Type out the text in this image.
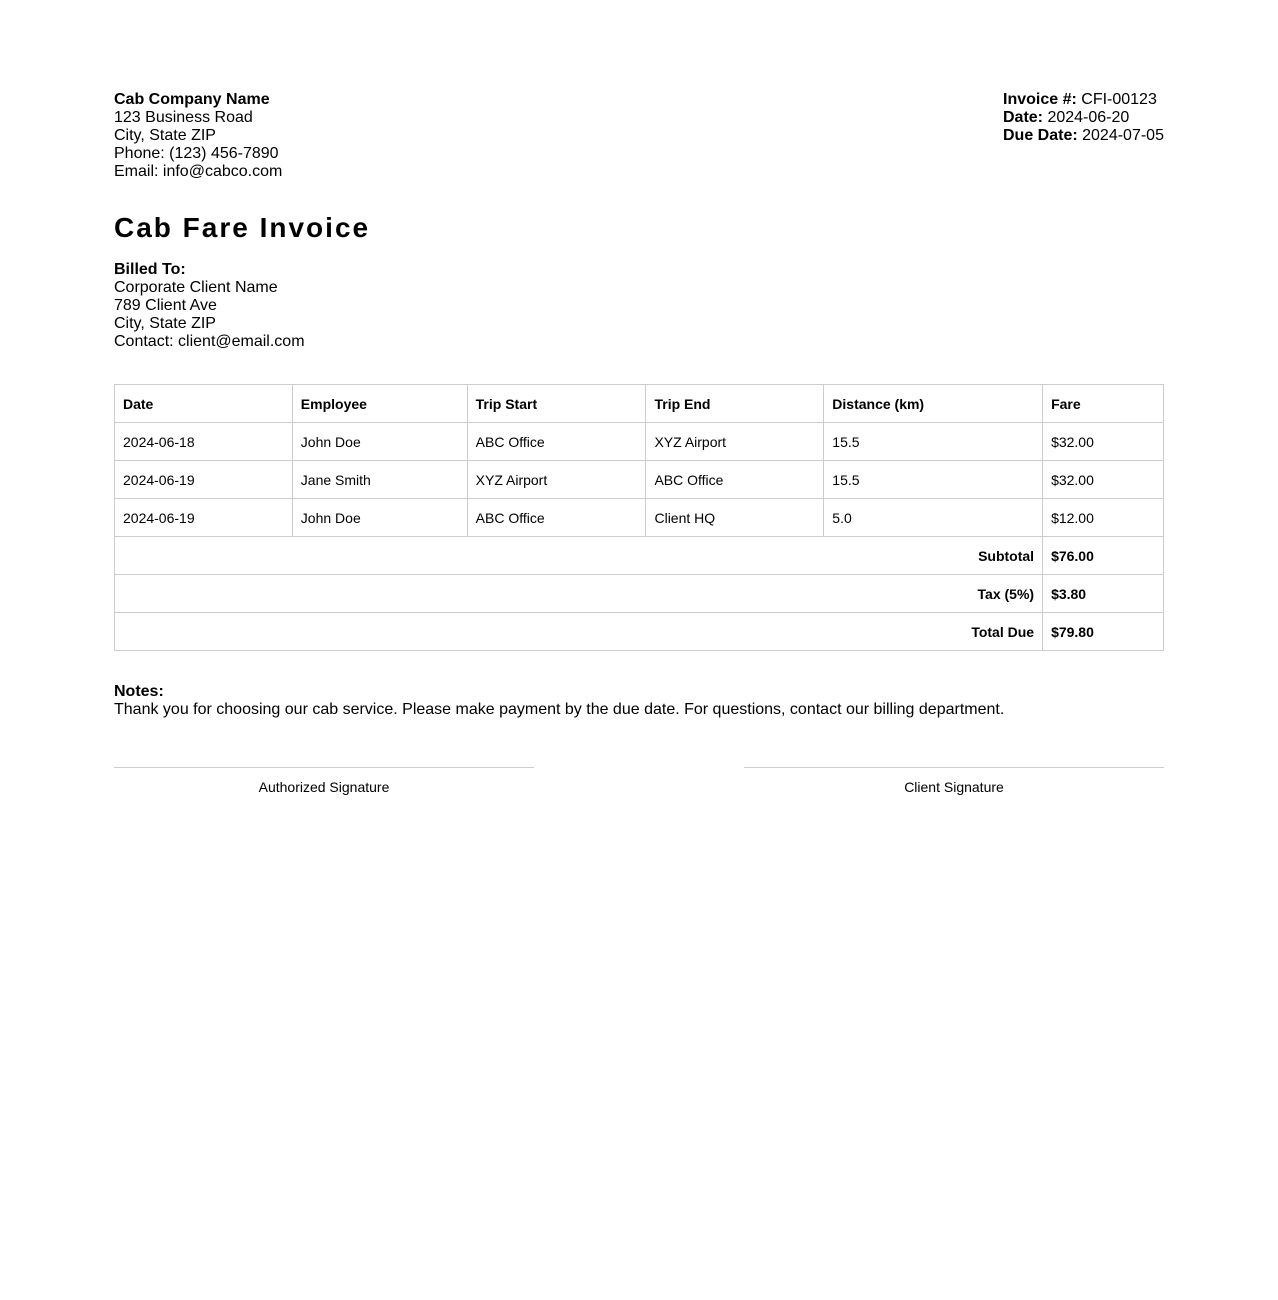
Cab Company Name
123 Business Road
City, State ZIP
Phone: (123) 456-7890
Email: info@cabco.com
Invoice #: CFI-00123
Date: 2024-06-20
Due Date: 2024-07-05
Cab Fare Invoice
Billed To:
Corporate Client Name
789 Client Ave
City, State ZIP
Contact: client@email.com
Date	Employee	Trip Start	Trip End	Distance (km)	Fare
2024-06-18	John Doe	ABC Office	XYZ Airport	15.5	$32.00
2024-06-19	Jane Smith	XYZ Airport	ABC Office	15.5	$32.00
2024-06-19	John Doe	ABC Office	Client HQ	5.0	$12.00
Subtotal					$76.00
Tax (5%)					$3.80
Total Due					$79.80
Notes:
Thank you for choosing our cab service. Please make payment by the due date. For questions, contact our billing department.
Authorized Signature	Client Signature
